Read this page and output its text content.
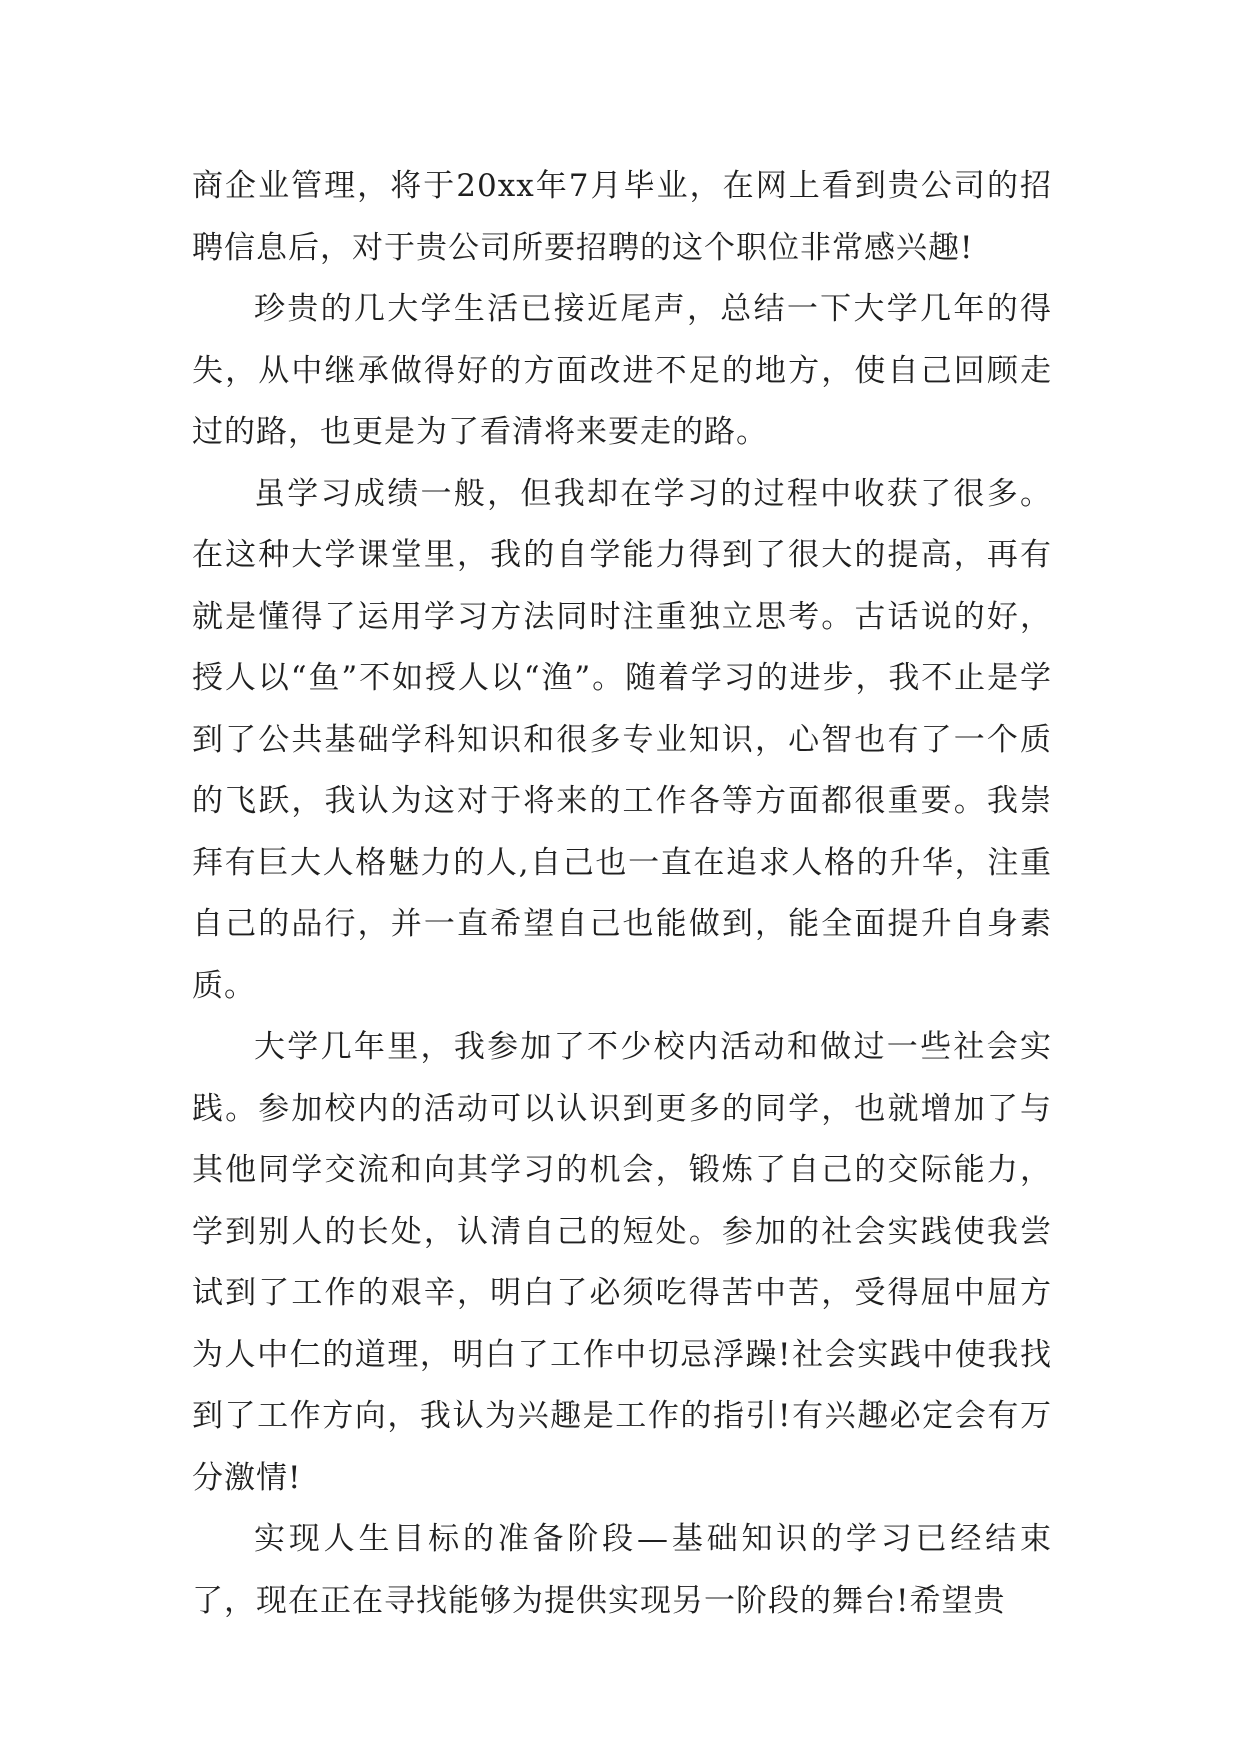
商企业管理，将于20xx年7月毕业，在网上看到贵公司的招聘信息后，对于贵公司所要招聘的这个职位非常感兴趣!

珍贵的几大学生活已接近尾声，总结一下大学几年的得失，从中继承做得好的方面改进不足的地方，使自己回顾走过的路，也更是为了看清将来要走的路。

虽学习成绩一般，但我却在学习的过程中收获了很多。在这种大学课堂里，我的自学能力得到了很大的提高，再有就是懂得了运用学习方法同时注重独立思考。古话说的好，授人以“鱼”不如授人以“渔”。随着学习的进步，我不止是学到了公共基础学科知识和很多专业知识，心智也有了一个质的飞跃，我认为这对于将来的工作各等方面都很重要。我崇拜有巨大人格魅力的人,自己也一直在追求人格的升华，注重自己的品行，并一直希望自己也能做到，能全面提升自身素质。

大学几年里，我参加了不少校内活动和做过一些社会实践。参加校内的活动可以认识到更多的同学，也就增加了与其他同学交流和向其学习的机会，锻炼了自己的交际能力，学到别人的长处，认清自己的短处。参加的社会实践使我尝试到了工作的艰辛，明白了必须吃得苦中苦，受得屈中屈方为人中仁的道理，明白了工作中切忌浮躁!社会实践中使我找到了工作方向，我认为兴趣是工作的指引!有兴趣必定会有万分激情!

实现人生目标的准备阶段—基础知识的学习已经结束了，现在正在寻找能够为提供实现另一阶段的舞台!希望贵
